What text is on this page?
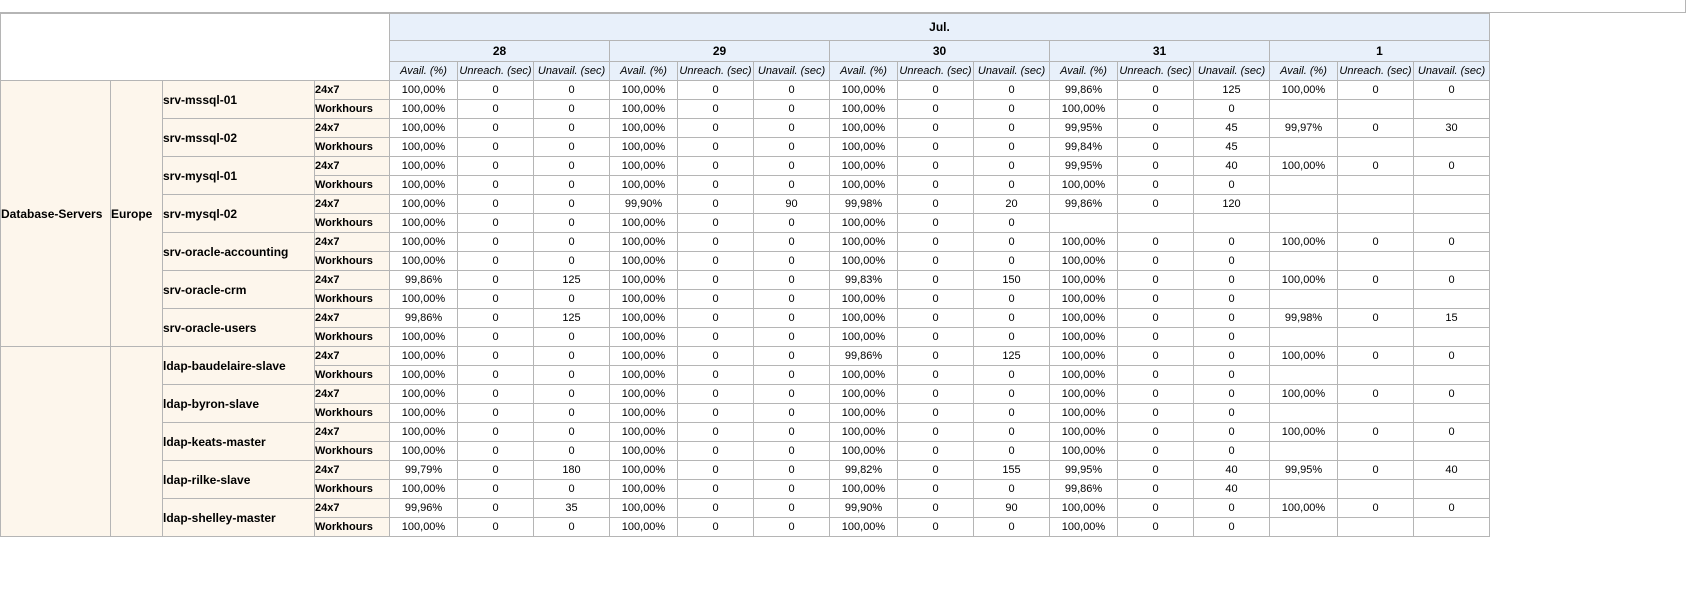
				Jul.														
				28			29			30			31			1		
				Avail. (%)	Unreach. (sec)	Unavail. (sec)	Avail. (%)	Unreach. (sec)	Unavail. (sec)	Avail. (%)	Unreach. (sec)	Unavail. (sec)	Avail. (%)	Unreach. (sec)	Unavail. (sec)	Avail. (%)	Unreach. (sec)	Unavail. (sec)
Database-Servers	Europe	srv-mssql-01	24x7	100,00%	0	0	100,00%	0	0	100,00%	0	0	99,86%	0	125	100,00%	0	0
			Workhours	100,00%	0	0	100,00%	0	0	100,00%	0	0	100,00%	0	0			
		srv-mssql-02	24x7	100,00%	0	0	100,00%	0	0	100,00%	0	0	99,95%	0	45	99,97%	0	30
			Workhours	100,00%	0	0	100,00%	0	0	100,00%	0	0	99,84%	0	45			
		srv-mysql-01	24x7	100,00%	0	0	100,00%	0	0	100,00%	0	0	99,95%	0	40	100,00%	0	0
			Workhours	100,00%	0	0	100,00%	0	0	100,00%	0	0	100,00%	0	0			
		srv-mysql-02	24x7	100,00%	0	0	99,90%	0	90	99,98%	0	20	99,86%	0	120			
			Workhours	100,00%	0	0	100,00%	0	0	100,00%	0	0						
		srv-oracle-accounting	24x7	100,00%	0	0	100,00%	0	0	100,00%	0	0	100,00%	0	0	100,00%	0	0
			Workhours	100,00%	0	0	100,00%	0	0	100,00%	0	0	100,00%	0	0			
		srv-oracle-crm	24x7	99,86%	0	125	100,00%	0	0	99,83%	0	150	100,00%	0	0	100,00%	0	0
			Workhours	100,00%	0	0	100,00%	0	0	100,00%	0	0	100,00%	0	0			
		srv-oracle-users	24x7	99,86%	0	125	100,00%	0	0	100,00%	0	0	100,00%	0	0	99,98%	0	15
			Workhours	100,00%	0	0	100,00%	0	0	100,00%	0	0	100,00%	0	0			
		ldap-baudelaire-slave	24x7	100,00%	0	0	100,00%	0	0	99,86%	0	125	100,00%	0	0	100,00%	0	0
			Workhours	100,00%	0	0	100,00%	0	0	100,00%	0	0	100,00%	0	0			
		ldap-byron-slave	24x7	100,00%	0	0	100,00%	0	0	100,00%	0	0	100,00%	0	0	100,00%	0	0
			Workhours	100,00%	0	0	100,00%	0	0	100,00%	0	0	100,00%	0	0			
		ldap-keats-master	24x7	100,00%	0	0	100,00%	0	0	100,00%	0	0	100,00%	0	0	100,00%	0	0
			Workhours	100,00%	0	0	100,00%	0	0	100,00%	0	0	100,00%	0	0			
		ldap-rilke-slave	24x7	99,79%	0	180	100,00%	0	0	99,82%	0	155	99,95%	0	40	99,95%	0	40
			Workhours	100,00%	0	0	100,00%	0	0	100,00%	0	0	99,86%	0	40			
		ldap-shelley-master	24x7	99,96%	0	35	100,00%	0	0	99,90%	0	90	100,00%	0	0	100,00%	0	0
			Workhours	100,00%	0	0	100,00%	0	0	100,00%	0	0	100,00%	0	0			
